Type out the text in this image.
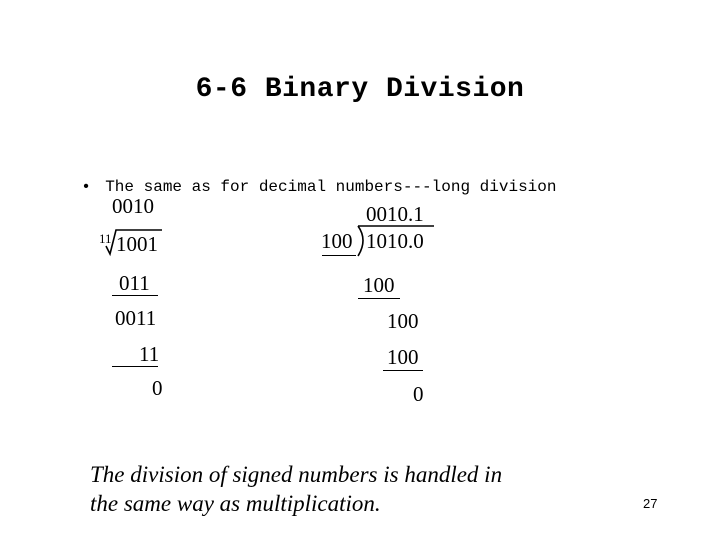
6-6 Binary Division

• The same as for decimal numbers---long division

0010
11 1001
011
0011
11
0
0010.1
100 1010.0
100
100
100
0
The division of signed numbers is handled in
the same way as multiplication.	27
